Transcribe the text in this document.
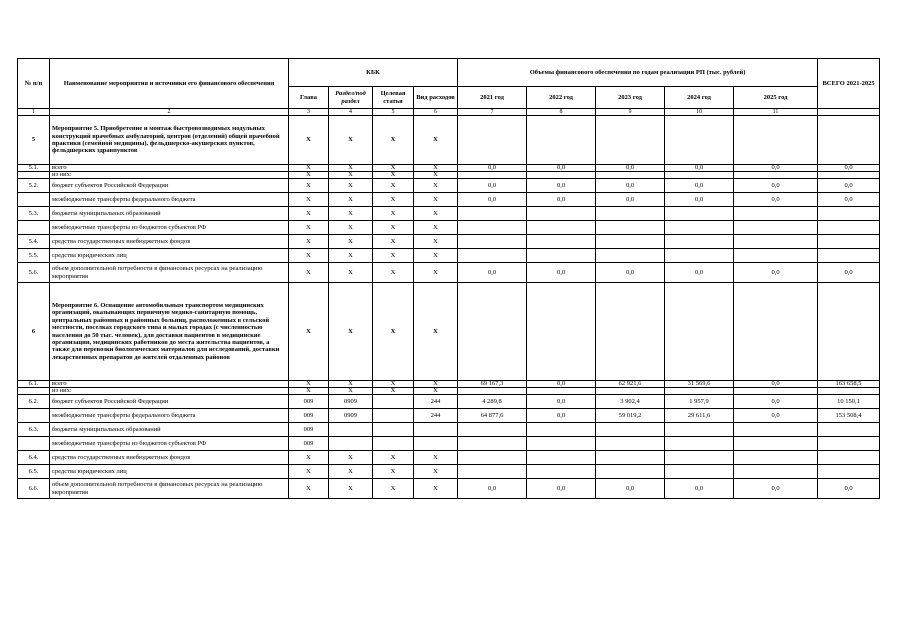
№ п/п	Наименование мероприятия и источники его финансового обеспечения	КБК				Объемы финансового обеспечения по годам реализации РП (тыс. рублей)					ВСЕГО 2021-2025
		Глава	Раздел/под раздел	Целевая статья	Вид расходов	2021 год	2022 год	2023 год	2024 год	2025 год	
1	2	3	4	5	6	7	8	9	10	11	
5	Мероприятие 5. Приобретение и монтаж быстровозводимых модульных конструкций врачебных амбулаторий, центров (отделений) общей врачебной практики (семейной медицины), фельдшерско-акушерских пунктов, фельдшерских здравпунктов	X	X	X	X						
5.1.	всего	X	X	X	X	0,0	0,0	0,0	0,0	0,0	0,0
	из них:	X	X	X	X						
5.2.	бюджет субъектов Российской Федерации	X	X	X	X	0,0	0,0	0,0	0,0	0,0	0,0
	межбюджетные трансферты федерального бюджета	X	X	X	X	0,0	0,0	0,0	0,0	0,0	0,0
5.3.	бюджеты муниципальных образований	X	X	X	X						
	межбюджетные трансферты из бюджетов субъектов РФ	X	X	X	X						
5.4.	средства государственных внебюджетных фондов	X	X	X	X						
5.5.	средства юридических лиц	X	X	X	X						
5.6.	объем дополнительной потребности в финансовых ресурсах на реализацию мероприятия	X	X	X	X	0,0	0,0	0,0	0,0	0,0	0,0
6	Мероприятие 6. Оснащение автомобильным транспортом медицинских организаций, оказывающих первичную медико-санитарную помощь, центральных районных и районных больниц, расположенных в сельской местности, поселках городского типа и малых городах (с численностью населения до 50 тыс. человек), для доставки пациентов в медицинские организации, медицинских работников до места жительства пациентов, а также для перевозки биологических материалов для исследований, доставки лекарственных препаратов до жителей отдаленных районов	X	X	X	X						
6.1.	всего	X	X	X	X	69 167,3	0,0	62 921,6	31 569,6	0,0	163 658,5
	из них:	X	X	X	X						
6.2.	бюджет субъектов Российской Федерации	009	0909		244	4 289,8	0,0	3 902,4	1 957,9	0,0	10 150,1
	межбюджетные трансферты федерального бюджета	009	0909		244	64 877,6	0,0	59 019,2	29 611,6	0,0	153 508,4
6.3.	бюджеты муниципальных образований	009									
	межбюджетные трансферты из бюджетов субъектов РФ	009									
6.4.	средства государственных внебюджетных фондов	X	X	X	X						
6.5.	средства юридических лиц	X	X	X	X						
6.6.	объем дополнительной потребности в финансовых ресурсах на реализацию мероприятия	X	X	X	X	0,0	0,0	0,0	0,0	0,0	0,0
